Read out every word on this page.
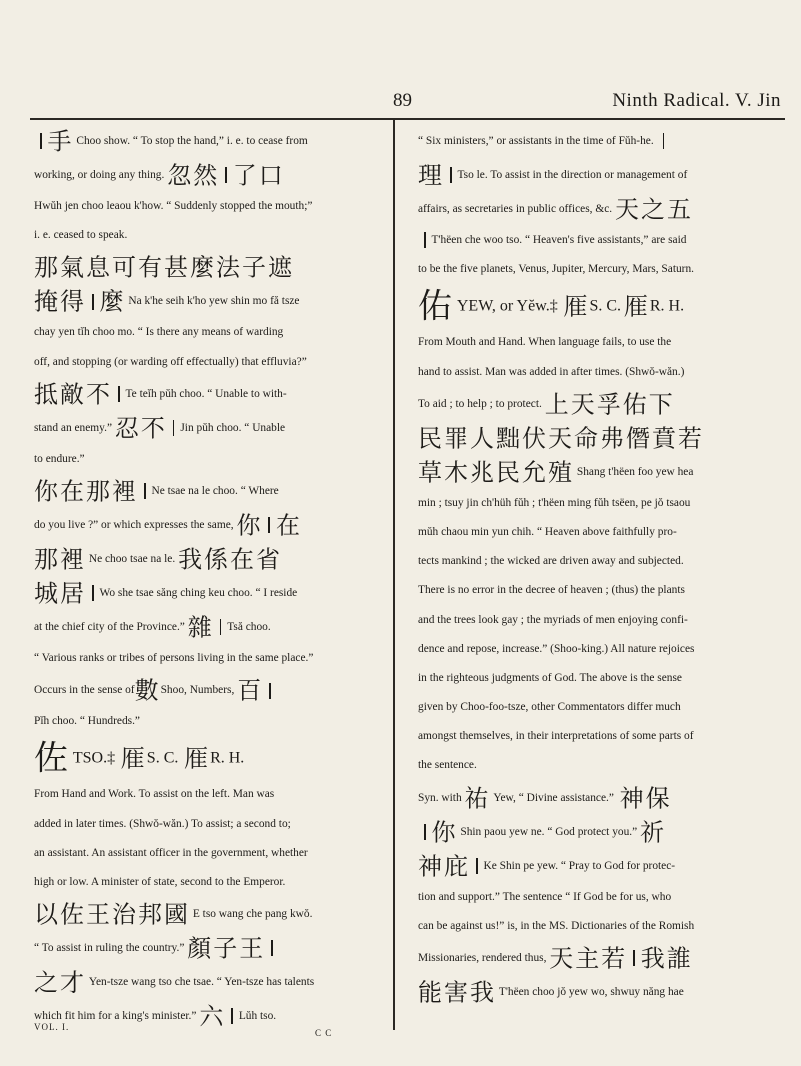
89	Ninth Radical. V. Jin
手 Choo show. “ To stop the hand,” i. e. to cease from
working, or doing any thing. 忽然 了口
Hwŭh jen choo leaou k'how. “ Suddenly stopped the mouth;”
i. e. ceased to speak.
那氣息可有甚麼法子遮
掩得 麼 Na k'he seih k'ho yew shin mo fă tsze
chay yen tĭh choo mo. “ Is there any means of warding
off, and stopping (or warding off effectually) that effluvia?”
抵敵不 Te teĭh pŭh choo. “ Unable to with-
stand an enemy.” 忍不 Jin pŭh choo. “ Unable
to endure.”
你在那裡 Ne tsae na le choo. “ Where
do you live ?” or which expresses the same, 你 在
那裡 Ne choo tsae na le. 我係在省
城居 Wo she tsae săng ching keu choo. “ I reside
at the chief city of the Province.” 雜 Tsă choo.
“ Various ranks or tribes of persons living in the same place.”
Occurs in the sense of數Shoo, Numbers, 百
Pĭh choo. “ Hundreds.”
佐 TSO.‡ 㕍S. C. 㕍R. H.
From Hand and Work. To assist on the left. Man was
added in later times. (Shwŏ-wăn.) To assist; a second to;
an assistant. An assistant officer in the government, whether
high or low. A minister of state, second to the Emperor.
以佐王治邦國 E tso wang che pang kwŏ.
“ To assist in ruling the country.” 顏子王
之才 Yen-tsze wang tso che tsae. “ Yen-tsze has talents
which fit him for a king's minister.” 六 Lŭh tso.
“ Six ministers,” or assistants in the time of Fŭh-he.
理 Tso le. To assist in the direction or management of
affairs, as secretaries in public offices, &c. 天之五
T'hëen che woo tso. “ Heaven's five assistants,” are said
to be the five planets, Venus, Jupiter, Mercury, Mars, Saturn.
佑 YEW, or Yĕw.‡ 㕍S. C. 㕍R. H.
From Mouth and Hand. When language fails, to use the
hand to assist. Man was added in after times. (Shwŏ-wăn.)
To aid ; to help ; to protect. 上天孚佑下
民罪人黜伏天命弗僭賁若
草木兆民允殖 Shang t'hëen foo yew hea
min ; tsuy jin ch'hüh fŭh ; t'hëen ming fŭh tsëen, pe jŏ tsaou
mŭh chaou min yun chih. “ Heaven above faithfully pro-
tects mankind ; the wicked are driven away and subjected.
There is no error in the decree of heaven ; (thus) the plants
and the trees look gay ; the myriads of men enjoying confi-
dence and repose, increase.” (Shoo-king.) All nature rejoices
in the righteous judgments of God. The above is the sense
given by Choo-foo-tsze, other Commentators differ much
amongst themselves, in their interpretations of some parts of
the sentence.
Syn. with 祐 Yew, “ Divine assistance.” 神保
你 Shin paou yew ne. “ God protect you.” 祈
神庇 Ke Shin pe yew. “ Pray to God for protec-
tion and support.” The sentence “ If God be for us, who
can be against us!” is, in the MS. Dictionaries of the Romish
Missionaries, rendered thus, 天主若 我誰
能害我 T'hëen choo jŏ yew wo, shwuy năng hae
VOL. I.
C C
